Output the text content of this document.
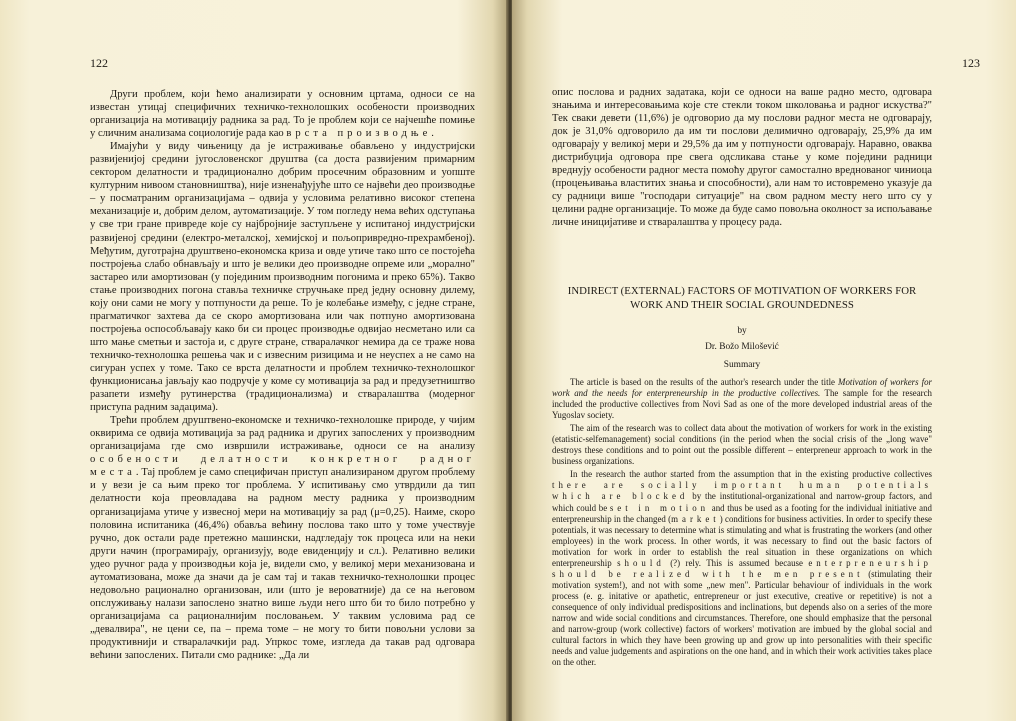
122

Други проблем, који ћемо анализирати у основним цртама, односи се на известан утицај специфичних техничко-технолошких особености производних организација на мотивацију радника за рад. То је проблем који се најчешће помиње у сличним анализама социологије рада као врста производње.

Имајући у виду чињеницу да је истраживање обављено у индустријски развијенијој средини југословенског друштва (са доста развијеним примарним сектором делатности и традиционално добрим просечним образовним и уопште културним нивоом становништва), није изненађујуће што се највећи део производње – у посматраним организацијама – одвија у условима релативно високог степена механизације и, добрим делом, аутоматизације. У том погледу нема већих одступања у све три гране привреде које су најбројније заступљене у испитаној индустријски развијеној средини (електро-металској, хемијској и пољопривредно-прехрамбеној). Међутим, дуготрајна друштвено-економска криза и овде утиче тако што се постојећа постројења слабо обнављају и што је велики део производне опреме или „морално" застарео или амортизован (у појединим производним погонима и преко 65%). Такво стање производних погона ставља техничке стручњаке пред једну основну дилему, коју они сами не могу у потпуности да реше. То је колебање између, с једне стране, прагматичког захтева да се скоро амортизована или чак потпуно амортизована постројења оспособљавају како би си процес производње одвијао несметано или са што мање сметњи и застоја и, с друге стране, стваралачког немира да се траже нова техничко-технолошка решења чак и с извесним ризицима и не неуспех а не само на сигуран успех у томе. Тако се врста делатности и проблем техничко-технолошког функционисања јављају као подручје у коме су мотивација за рад и предузетништво разапети између рутинерства (традиционализма) и стваралаштва (модерног приступа радним задацима).

Трећи проблем друштвено-економске и техничко-технолошке природе, у чијим оквирима се одвија мотивација за рад радника и других запослених у производним организацијама где смо извршили истраживање, односи се на анализу особености делатности конкретног радног места. Тај проблем је само специфичан приступ анализираном другом проблему и у вези је са њим преко тог проблема. У испитивању смо утврдили да тип делатности која преовладава на радном месту радника у производним организацијама утиче у извесној мери на мотивацију за рад (μ=0,25). Наиме, скоро половина испитаника (46,4%) обавља већину послова тако што у томе учествује ручно, док остали раде претежно машински, надгледају ток процеса или на неки други начин (програмирају, организују, воде евиденцију и сл.). Релативно велики удео ручног рада у производњи која је, видели смо, у великој мери механизована и аутоматизована, може да значи да је сам тај и такав техничко-технолошки процес недовољно рационално организован, или (што је вероватније) да се на његовом опслуживању налази запослено знатно више људи него што би то било потребно у организацијама са рационалнијим пословањем. У таквим условима рад се „девалвира", не цени се, па – према томе – не могу то бити повољни услови за продуктивнији и стваралачкији рад. Упркос томе, изгледа да такав рад одговара већини запослених. Питали смо раднике: „Да ли

123

опис послова и радних задатака, који се односи на ваше радно место, одговара знањима и интересовањима које сте стекли током школовања и радног искуства?" Тек сваки девети (11,6%) је одговорио да му послови радног места не одговарају, док је 31,0% одговорило да им ти послови делимично одговарају, 25,9% да им одговарају у великој мери и 29,5% да им у потпуности одговарају. Наравно, оваква дистрибуција одговора пре свега одсликава стање у коме поједини радници вреднују особености радног места помоћу другог самостално вреднованог чиниоца (процењивања властитих знања и способности), али нам то истовремено указује да су радници више "господари ситуације" на свом радном месту него што су у целини радне организације. То може да буде само повољна околност за испољавање личне иницијативе и стваралаштва у процесу рада.

INDIRECT (EXTERNAL) FACTORS OF MOTIVATION OF WORKERS FOR WORK AND THEIR SOCIAL GROUNDEDNESS
by
Dr. Božo Milošević
Summary

The article is based on the results of the author's research under the title Motivation of workers for work and the needs for enterpreneurship in the productive collectives. The sample for the research included the productive collectives from Novi Sad as one of the more developed industrial areas of the Yugoslav society.

The aim of the research was to collect data about the motivation of workers for work in the existing (etatistic-selfemanagement) social conditions (in the period when the social crisis of the „long wave" destroys these conditions and to point out the possible different – enterpreneur approach to work in the business organizations.

In the research the author started from the assumption that in the existing productive collectives there are socially important human potentials which are blocked by the institutional-organizational and narrow-group factors, and which could be set in motion and thus be used as a footing for the individual initiative and enterpreneurship in the changed (market) conditions for business activities. In order to specify these potentials, it was necessary to determine what is stimulating and what is frustrating the workers (and other employees) in the work process. In other words, it was necessary to find out the basic factors of motivation for work in order to establish the real situation in these organizations on which enterpreneurship should (?) rely. This is assumed because enterpreneurship should be realized with the men present (stimulating their motivation system!), and not with some „new men". Particular behaviour of individuals in the work process (e. g. initative or apathetic, entrepreneur or just executive, creative or repetitive) is not a consequence of only individual predispositions and inclinations, but depends also on a series of the more narrow and wide social conditions and circumstances. Therefore, one should emphasize that the personal and narrow-group (work collective) factors of workers' motivation are imbued by the global social and cultural factors in which they have been growing up and grow up into personalities with their specific needs and value judgements and aspirations on the one hand, and in which their work activities takes place on the other.
